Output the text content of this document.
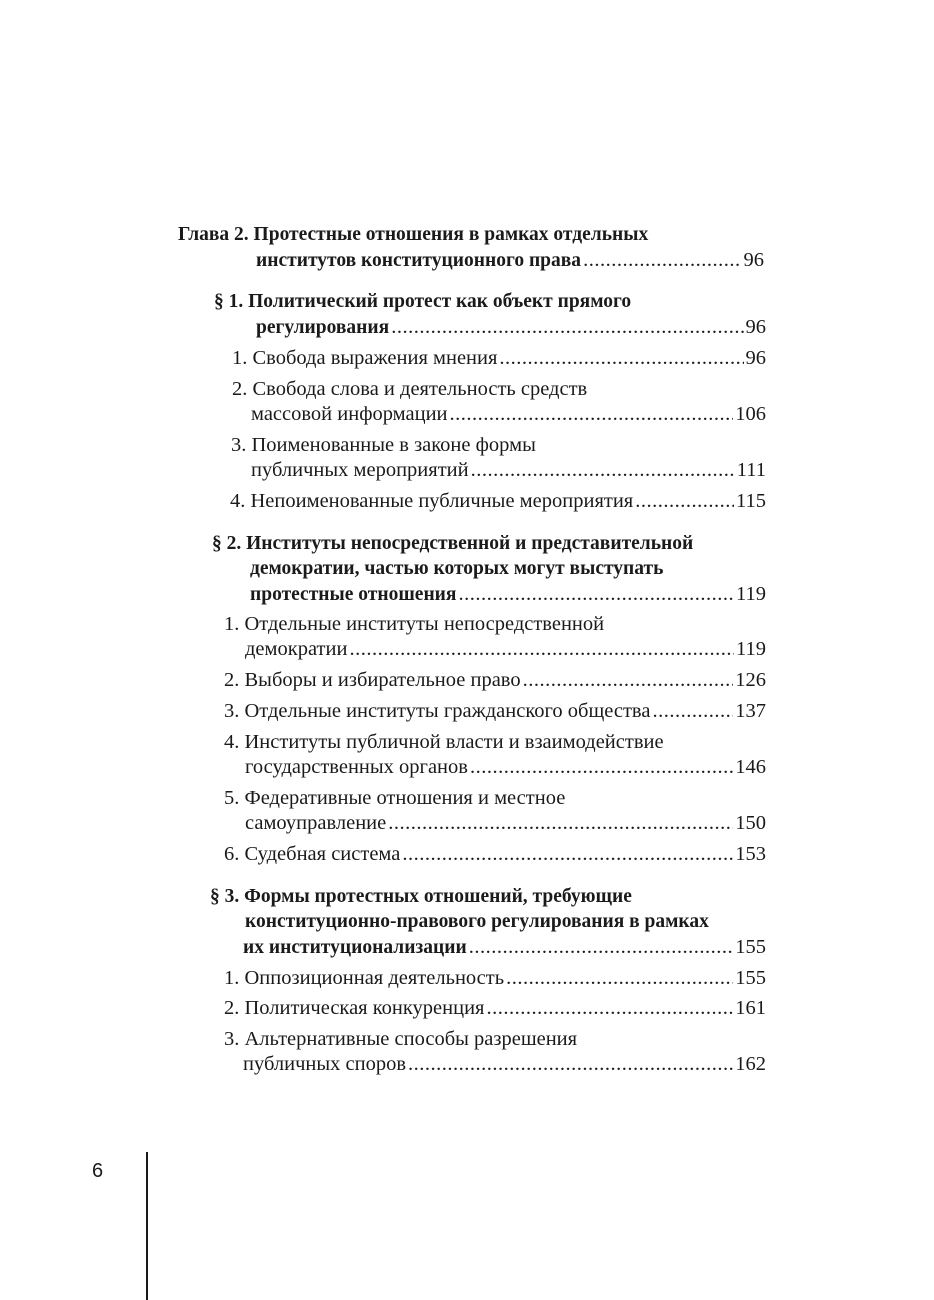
Глава 2. Протестные отношения в рамках отдельных
институтов конституционного права .....	96
§ 1. Политический протест как объект прямого
регулирования .....	96
1. Свобода выражения мнения .....	96
2. Свобода слова и деятельность средств
массовой информации .....	106
3. Поименованные в законе формы
публичных мероприятий .....	111
4. Непоименованные публичные мероприятия .....	115
§ 2. Институты непосредственной и представительной
демократии, частью которых могут выступать
протестные отношения .....	119
1. Отдельные институты непосредственной
демократии .....	119
2. Выборы и избирательное право .....	126
3. Отдельные институты гражданского общества .....	137
4. Институты публичной власти и взаимодействие
государственных органов .....	146
5. Федеративные отношения и местное
самоуправление .....	150
6. Судебная система .....	153
§ 3. Формы протестных отношений, требующие
конституционно-правового регулирования в рамках
их институционализации .....	155
1. Оппозиционная деятельность .....	155
2. Политическая конкуренция .....	161
3. Альтернативные способы разрешения
публичных споров .....	162
6
